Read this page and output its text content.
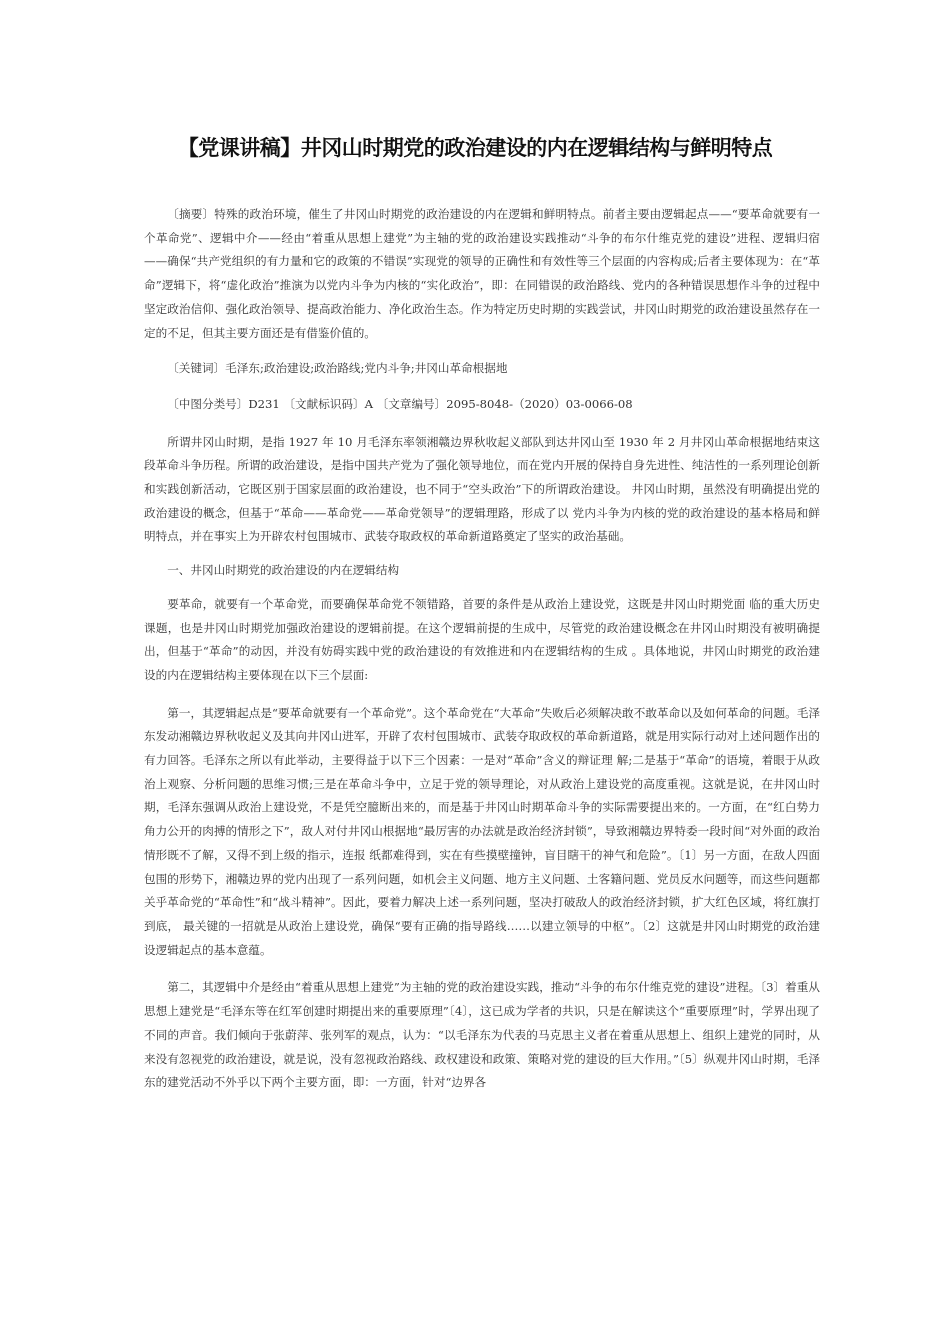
【党课讲稿】井冈山时期党的政治建设的内在逻辑结构与鲜明特点

〔摘要〕特殊的政治环境，催生了井冈山时期党的政治建设的内在逻辑和鲜明特点。前者主要由逻辑起点——“要革命就要有一个革命党”、逻辑中介——经由“着重从思想上建党”为主轴的党的政治建设实践推动“斗争的布尔什维克党的建设”进程、逻辑归宿——确保“共产党组织的有力量和它的政策的不错误”实现党的领导的正确性和有效性等三个层面的内容构成;后者主要体现为：在“革命”逻辑下，将“虚化政治”推演为以党内斗争为内核的“实化政治”，即：在同错误的政治路线、党内的各种错误思想作斗争的过程中坚定政治信仰、强化政治领导、提高政治能力、净化政治生态。作为特定历史时期的实践尝试，井冈山时期党的政治建设虽然存在一定的不足，但其主要方面还是有借鉴价值的。

〔关键词〕毛泽东;政治建设;政治路线;党内斗争;井冈山革命根据地

〔中图分类号〕D231 〔文献标识码〕A 〔文章编号〕2095-8048-（2020）03-0066-08

所谓井冈山时期，是指 1927 年 10 月毛泽东率领湘赣边界秋收起义部队到达井冈山至 1930 年 2 月井冈山革命根据地结束这段革命斗争历程。所谓的政治建设，是指中国共产党为了强化领导地位，而在党内开展的保持自身先进性、纯洁性的一系列理论创新和实践创新活动，它既区别于国家层面的政治建设，也不同于“空头政治”下的所谓政治建设。 井冈山时期，虽然没有明确提出党的政治建设的概念，但基于“革命——革命党——革命党领导”的逻辑理路，形成了以 党内斗争为内核的党的政治建设的基本格局和鲜明特点，并在事实上为开辟农村包围城市、武装夺取政权的革命新道路奠定了坚实的政治基础。

一、井冈山时期党的政治建设的内在逻辑结构

要革命，就要有一个革命党，而要确保革命党不领错路，首要的条件是从政治上建设党，这既是井冈山时期党面 临的重大历史课题，也是井冈山时期党加强政治建设的逻辑前提。在这个逻辑前提的生成中，尽管党的政治建设概念在井冈山时期没有被明确提出，但基于“革命”的动因，并没有妨碍实践中党的政治建设的有效推进和内在逻辑结构的生成 。具体地说，井冈山时期党的政治建设的内在逻辑结构主要体现在以下三个层面:

第一，其逻辑起点是“要革命就要有一个革命党”。这个革命党在“大革命”失败后必须解决敢不敢革命以及如何革命的问题。毛泽东发动湘赣边界秋收起义及其向井冈山进军，开辟了农村包围城市、武装夺取政权的革命新道路，就是用实际行动对上述问题作出的有力回答。毛泽东之所以有此举动，主要得益于以下三个因素：一是对“革命”含义的辩证理 解;二是基于“革命”的语境，着眼于从政治上观察、分析问题的思维习惯;三是在革命斗争中，立足于党的领导理论，对从政治上建设党的高度重视。这就是说，在井冈山时期，毛泽东强调从政治上建设党，不是凭空臆断出来的，而是基于井冈山时期革命斗争的实际需要提出来的。一方面，在“红白势力角力公开的肉搏的情形之下”，敌人对付井冈山根据地“最厉害的办法就是政治经济封锁”，导致湘赣边界特委一段时间“对外面的政治情形既不了解，又得不到上级的指示，连报 纸都难得到，实在有些摸壁撞钟，盲目瞎干的神气和危险”。〔1〕另一方面，在敌人四面包围的形势下，湘赣边界的党内出现了一系列问题，如机会主义问题、地方主义问题、土客籍问题、党员反水问题等，而这些问题都关乎革命党的“革命性”和“战斗精神”。因此，要着力解决上述一系列问题，坚决打破敌人的政治经济封锁，扩大红色区域，将红旗打到底， 最关键的一招就是从政治上建设党，确保“要有正确的指导路线……以建立领导的中枢”。〔2〕这就是井冈山时期党的政治建设逻辑起点的基本意蕴。

第二，其逻辑中介是经由“着重从思想上建党”为主轴的党的政治建设实践，推动“斗争的布尔什维克党的建设”进程。〔3〕着重从思想上建党是“毛泽东等在红军创建时期提出来的重要原理”〔4〕，这已成为学者的共识，只是在解读这个“重要原理”时，学界出现了不同的声音。我们倾向于张蔚萍、张列军的观点，认为：“以毛泽东为代表的马克思主义者在着重从思想上、组织上建党的同时，从来没有忽视党的政治建设，就是说，没有忽视政治路线、政权建设和政策、策略对党的建设的巨大作用。”〔5〕纵观井冈山时期，毛泽东的建党活动不外乎以下两个主要方面，即：一方面，针对“边界各
